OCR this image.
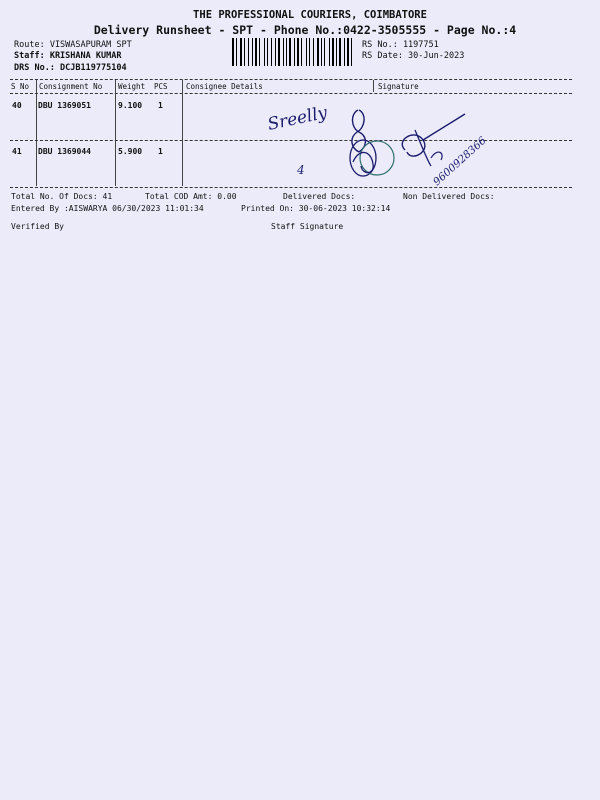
THE PROFESSIONAL COURIERS, COIMBATORE
Delivery Runsheet - SPT - Phone No.:0422-3505555 - Page No.:4
Route: VISWASAPURAM SPT
Staff: KRISHANA KUMAR
DRS No.: DCJB119775104
RS No.: 1197751
RS Date: 30-Jun-2023
S No Consignment No Weight PCS Consignee Details	Signature
40 DBU 1369051	9.100 1
41 DBU 1369044	5.900 1
Sreelly
4	9600928366
Total No. Of Docs: 41	Total COD Amt: 0.00	Delivered Docs:	Non Delivered Docs:
Entered By :AISWARYA 06/30/2023 11:01:34	Printed On: 30-06-2023 10:32:14
Verified By	Staff Signature
